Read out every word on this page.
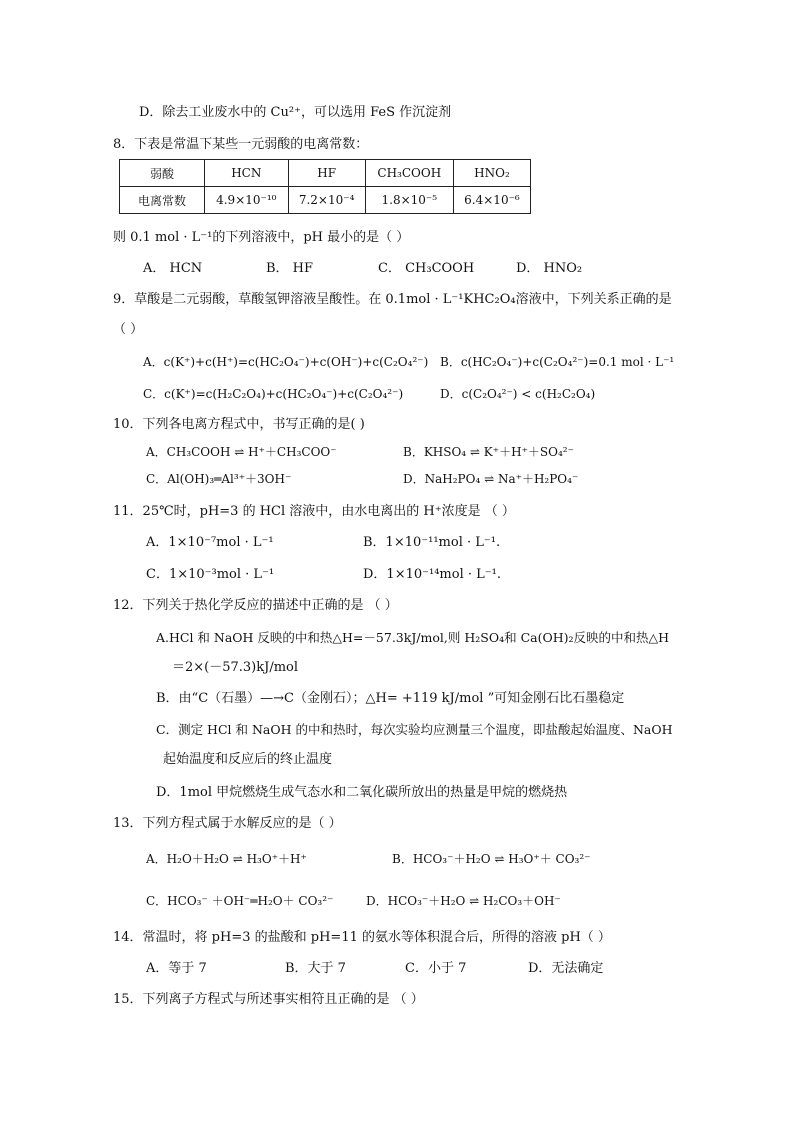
D．除去工业废水中的 Cu²⁺，可以选用 FeS 作沉淀剂
8．下表是常温下某些一元弱酸的电离常数：
弱酸	HCN	HF	CH₃COOH	HNO₂
电离常数	4.9×10⁻¹⁰	7.2×10⁻⁴	1.8×10⁻⁵	6.4×10⁻⁶
则 0.1 mol · L⁻¹的下列溶液中，pH 最小的是（ ）
A． HCN	B． HF	C． CH₃COOH	D． HNO₂
9．草酸是二元弱酸，草酸氢钾溶液呈酸性。在 0.1mol · L⁻¹KHC₂O₄溶液中，下列关系正确的是
（ ）
A．c(K⁺)+c(H⁺)=c(HC₂O₄⁻)+c(OH⁻)+c(C₂O₄²⁻) B．c(HC₂O₄⁻)+c(C₂O₄²⁻)=0.1 mol · L⁻¹
C．c(K⁺)=c(H₂C₂O₄)+c(HC₂O₄⁻)+c(C₂O₄²⁻)	D．c(C₂O₄²⁻) < c(H₂C₂O₄)
10．下列各电离方程式中，书写正确的是( )
A．CH₃COOH ⇌ H⁺＋CH₃COO⁻	B．KHSO₄ ⇌ K⁺＋H⁺＋SO₄²⁻
C．Al(OH)₃═Al³⁺＋3OH⁻	D．NaH₂PO₄ ⇌ Na⁺＋H₂PO₄⁻
11．25℃时，pH=3 的 HCl 溶液中，由水电离出的 H⁺浓度是 （ ）
A．1×10⁻⁷mol · L⁻¹	B．1×10⁻¹¹mol · L⁻¹.
C．1×10⁻³mol · L⁻¹	D．1×10⁻¹⁴mol · L⁻¹.
12．下列关于热化学反应的描述中正确的是 （ ）
A.HCl 和 NaOH 反映的中和热△H=－57.3kJ/mol,则 H₂SO₄和 Ca(OH)₂反映的中和热△H
＝2×(－57.3)kJ/mol
B．由“C（石墨）—→C（金刚石）；△H= +119 kJ/mol ”可知金刚石比石墨稳定
C．测定 HCl 和 NaOH 的中和热时，每次实验均应测量三个温度，即盐酸起始温度、NaOH
起始温度和反应后的终止温度
D．1mol 甲烷燃烧生成气态水和二氧化碳所放出的热量是甲烷的燃烧热
13．下列方程式属于水解反应的是（ ）
A．H₂O＋H₂O ⇌ H₃O⁺＋H⁺	B．HCO₃⁻＋H₂O ⇌ H₃O⁺＋ CO₃²⁻
C．HCO₃⁻ ＋OH⁻═H₂O＋ CO₃²⁻	D．HCO₃⁻＋H₂O ⇌ H₂CO₃＋OH⁻
14．常温时，将 pH=3 的盐酸和 pH=11 的氨水等体积混合后，所得的溶液 pH（ ）
A．等于 7	B．大于 7	C．小于 7	D．无法确定
15．下列离子方程式与所述事实相符且正确的是 （ ）
